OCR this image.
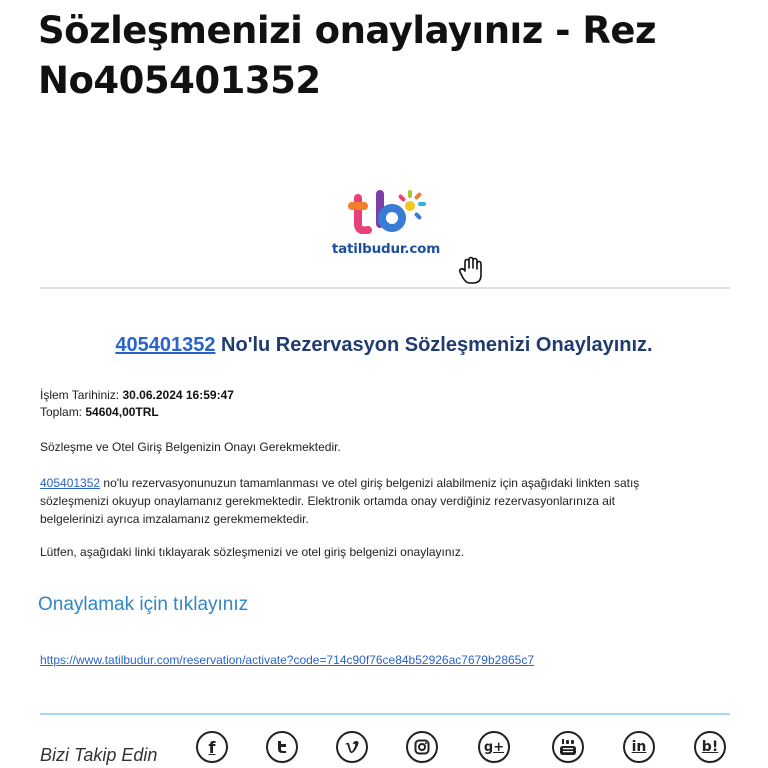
Sözleşmenizi onaylayınız - Rez No405401352
tatilbudur.com
405401352 No'lu Rezervasyon Sözleşmenizi Onaylayınız.
İşlem Tarihiniz: 30.06.2024 16:59:47
Toplam: 54604,00TRL
Sözleşme ve Otel Giriş Belgenizin Onayı Gerekmektedir.
405401352 no'lu rezervasyonunuzun tamamlanması ve otel giriş belgenizi alabilmeniz için aşağıdaki linkten satış
sözleşmenizi okuyup onaylamanız gerekmektedir. Elektronik ortamda onay verdiğiniz rezervasyonlarınıza ait
belgelerinizi ayrıca imzalamanız gerekmemektedir.
Lütfen, aşağıdaki linki tıklayarak sözleşmenizi ve otel giriş belgenizi onaylayınız.
Onaylamak için tıklayınız
https://www.tatilbudur.com/reservation/activate?code=714c90f76ce84b52926ac7679b2865c7
Bizi Takip Edin	f	g+	in	b!
